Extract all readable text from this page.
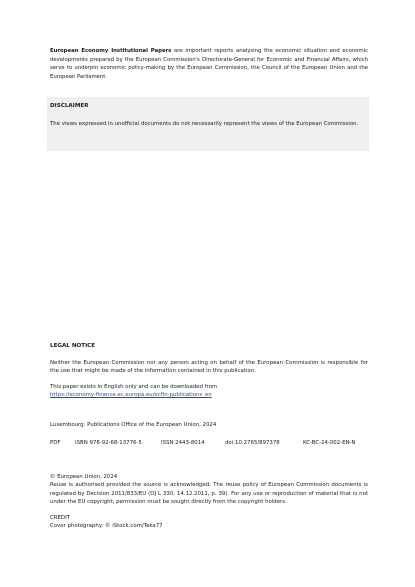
European Economy Institutional Papers are important reports analysing the economic situation and economic developments prepared by the European Commission's Directorate-General for Economic and Financial Affairs, which serve to underpin economic policy-making by the European Commission, the Council of the European Union and the European Parliament.
DISCLAIMER
The views expressed in unofficial documents do not necessarily represent the views of the European Commission.
LEGAL NOTICE
Neither the European Commission nor any person acting on behalf of the European Commission is responsible for the use that might be made of the information contained in this publication.
This paper exists in English only and can be downloaded from
https://economy-finance.ec.europa.eu/ecfin-publications_en
Luxembourg: Publications Office of the European Union, 2024
PDF	ISBN 978-92-68-13776-5	ISSN 2443-8014	doi:10.2765/897378	KC-BC-24-002-EN-N
© European Union, 2024
Reuse is authorised provided the source is acknowledged. The reuse policy of European Commission documents is regulated by Decision 2011/833/EU (OJ L 330, 14.12.2011, p. 39). For any use or reproduction of material that is not under the EU copyright, permission must be sought directly from the copyright holders.
CREDIT
Cover photography: © iStock.com/Teka77
